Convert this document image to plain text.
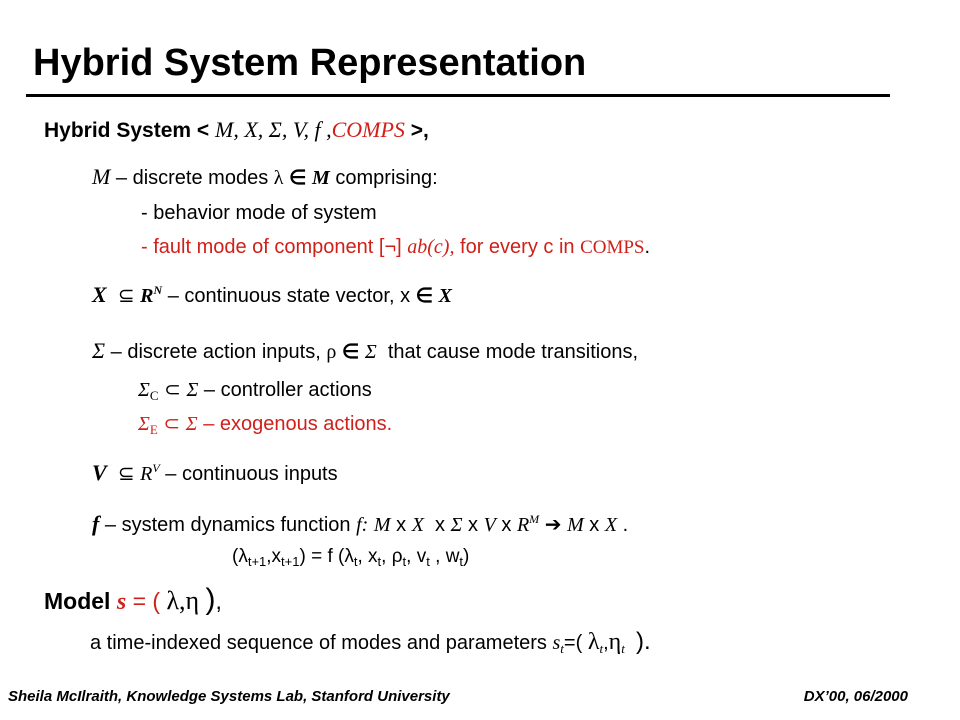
Hybrid System Representation
Hybrid System < M, X, Σ, V, f ,COMPS >,
M – discrete modes λ ∈ M comprising:
- behavior mode of system
- fault mode of component [¬] ab(c), for every c in COMPS.
X ⊆ $R^N$ – continuous state vector, x ∈ X
Σ – discrete action inputs, ρ ∈ Σ that cause mode transitions,
$\Sigma_C$ ⊂ Σ – controller actions
$\Sigma_E$ ⊂ Σ – exogenous actions.
V ⊆ $R^V$ – continuous inputs
f – system dynamics function f: M x X x Σ x V x $R^M$ ➔ M x X .
$(\lambda_{t+1},x_{t+1}) = f$ ($\lambda_t$, $x_t$, $\rho_t$, $v_t$ , $w_t$)
Model s = ( λ,η ),
a time-indexed sequence of modes and parameters $s_t=$( $\lambda_t,\eta_t$ ).
Sheila McIlraith, Knowledge Systems Lab, Stanford University	DX’00, 06/2000
